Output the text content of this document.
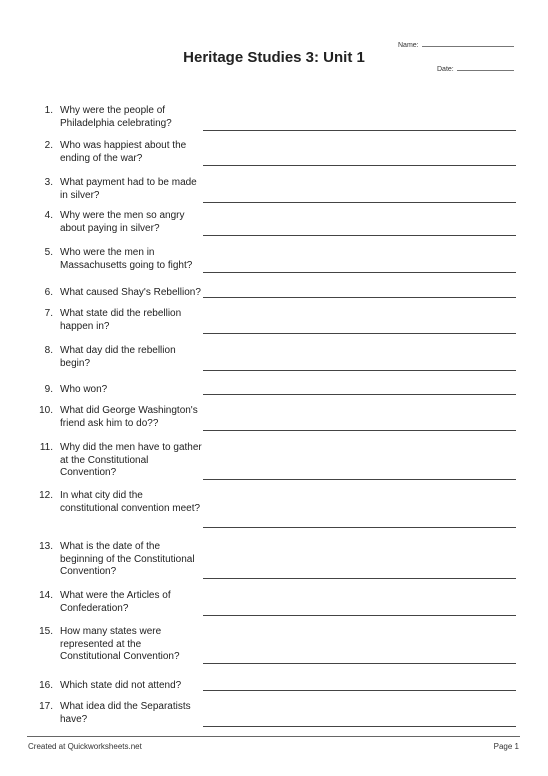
Name:
Date:
Heritage Studies 3: Unit 1
1. Why were the people of Philadelphia celebrating?
2. Who was happiest about the ending of the war?
3. What payment had to be made in silver?
4. Why were the men so angry about paying in silver?
5. Who were the men in Massachusetts going to fight?
6. What caused Shay's Rebellion?
7. What state did the rebellion happen in?
8. What day did the rebellion begin?
9. Who won?
10. What did George Washington's friend ask him to do??
11. Why did the men have to gather at the Constitutional Convention?
12. In what city did the constitutional convention meet?
13. What is the date of the beginning of the Constitutional Convention?
14. What were the Articles of Confederation?
15. How many states were represented at the Constitutional Convention?
16. Which state did not attend?
17. What idea did the Separatists have?
Created at Quickworksheets.net	Page 1
